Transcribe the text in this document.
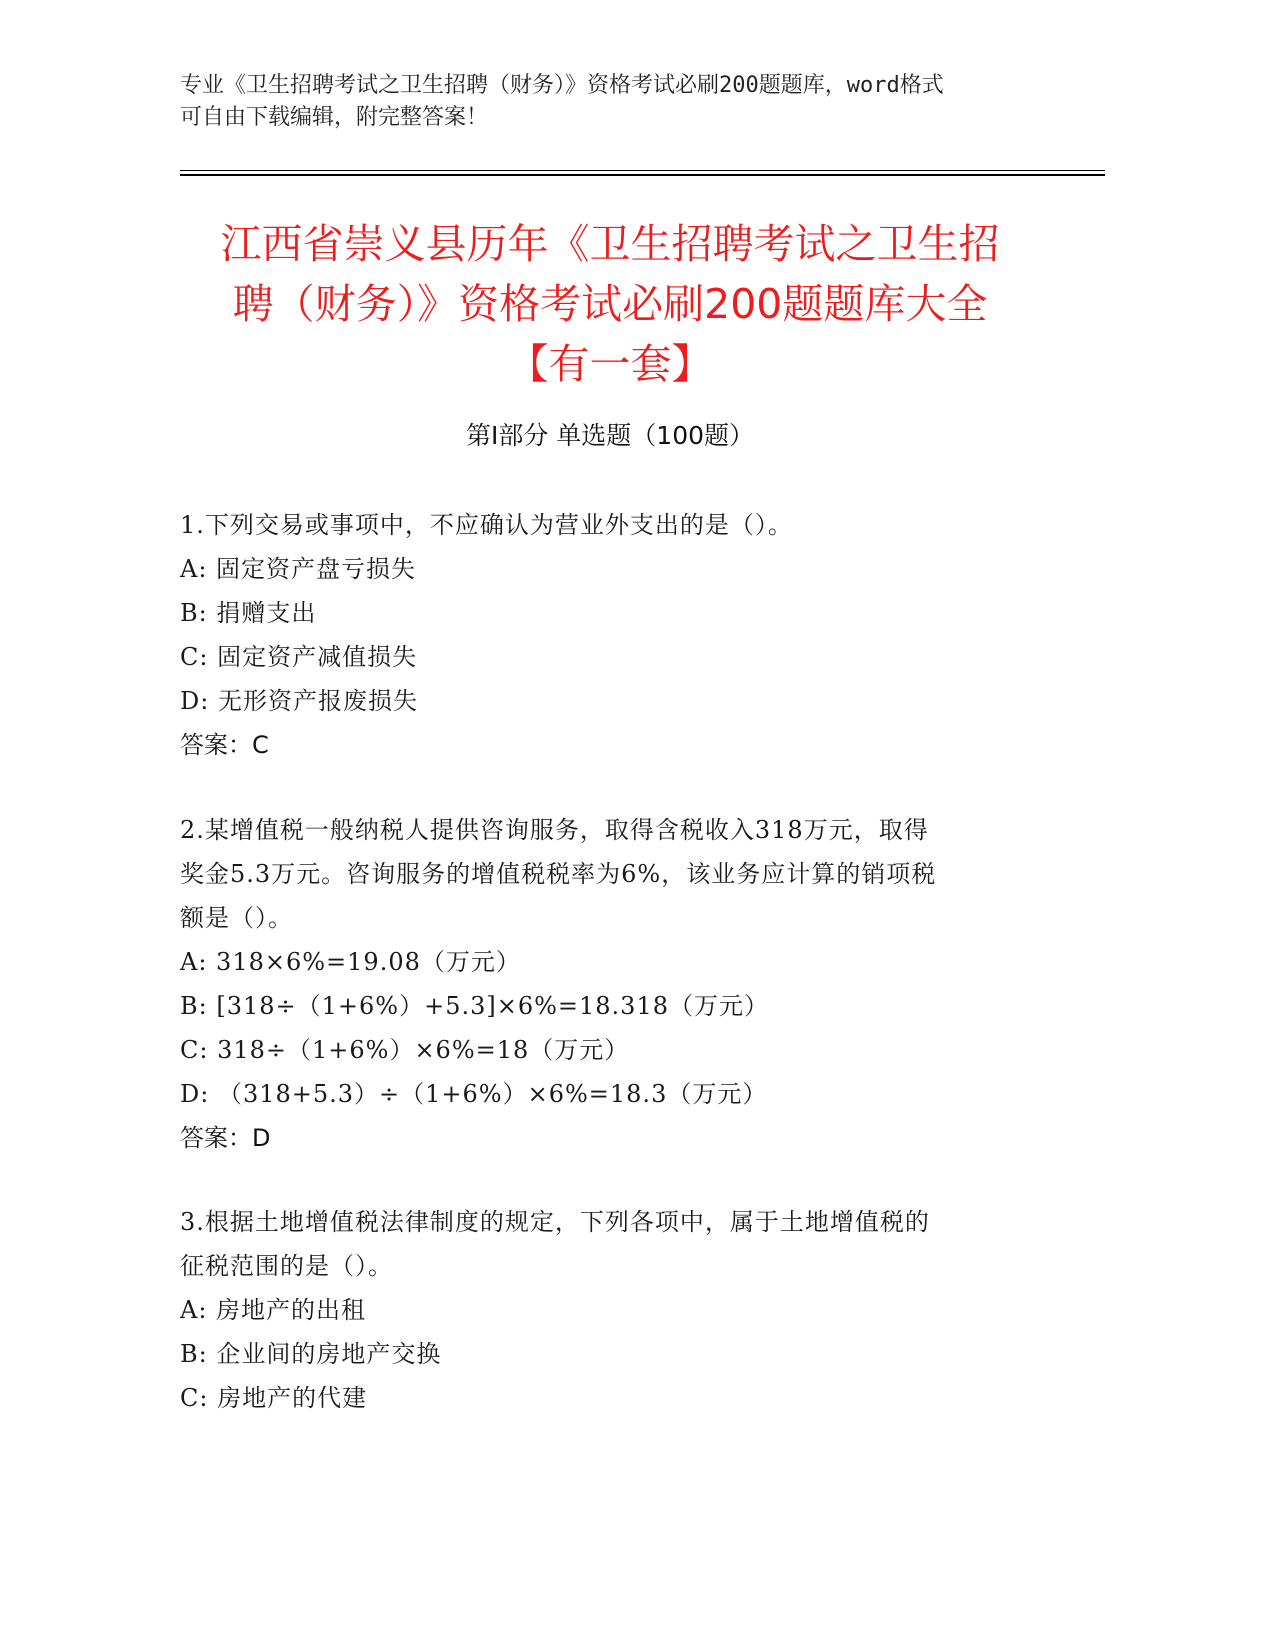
专业《卫生招聘考试之卫生招聘（财务）》资格考试必刷200题题库，word格式

可自由下载编辑，附完整答案！

江西省崇义县历年《卫生招聘考试之卫生招

聘（财务）》资格考试必刷200题题库大全

【有一套】

第Ⅰ部分 单选题（100题）

1.下列交易或事项中，不应确认为营业外支出的是（）。

A: 固定资产盘亏损失

B: 捐赠支出

C: 固定资产减值损失

D: 无形资产报废损失

答案：C

2.某增值税一般纳税人提供咨询服务，取得含税收入318万元，取得

奖金5.3万元。咨询服务的增值税税率为6%，该业务应计算的销项税

额是（）。

A: 318×6%=19.08（万元）

B: [318÷（1+6%）+5.3]×6%=18.318（万元）

C: 318÷（1+6%）×6%=18（万元）

D: （318+5.3）÷（1+6%）×6%=18.3（万元）

答案：D

3.根据土地增值税法律制度的规定，下列各项中，属于土地增值税的

征税范围的是（）。

A: 房地产的出租

B: 企业间的房地产交换

C: 房地产的代建
